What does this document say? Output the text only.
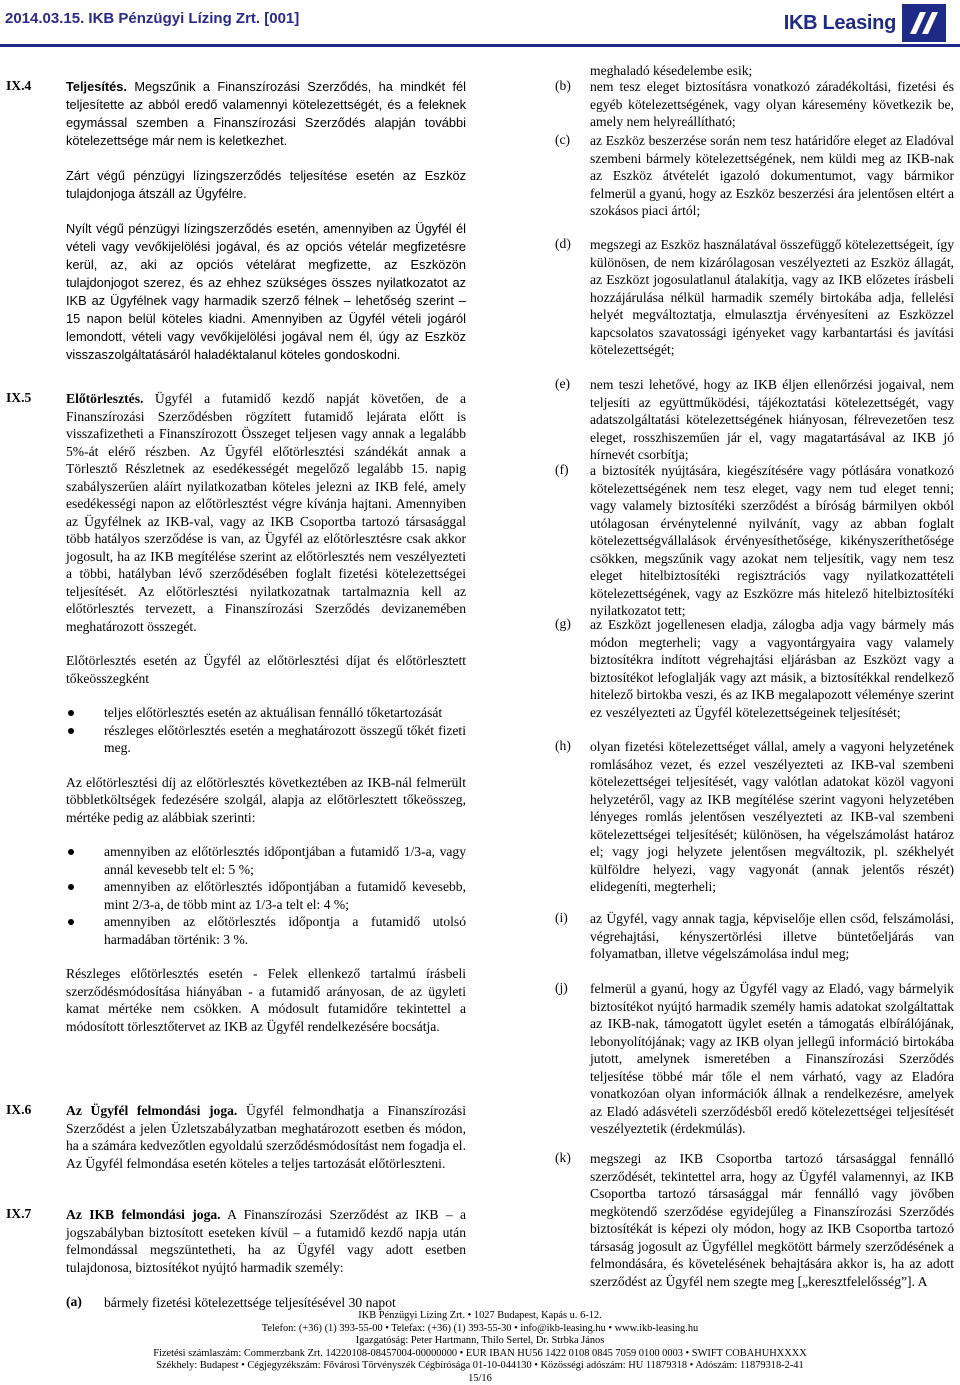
2014.03.15. IKB Pénzügyi Lízing Zrt. [001]	IKB Leasing
IX.4
IX.5
IX.6
IX.7

Teljesítés. Megszűnik a Finanszírozási Szerződés, ha mindkét fél teljesítette az abból eredő valamennyi kötelezettségét, és a feleknek egymással szemben a Finanszírozási Szerződés alapján további kötelezettsége már nem is keletkezhet.

Zárt végű pénzügyi lízingszerződés teljesítése esetén az Eszköz tulajdonjoga átszáll az Ügyfélre.

Nyílt végű pénzügyi lízingszerződés esetén, amennyiben az Ügyfél él vételi vagy vevőkijelölési jogával, és az opciós vételár megfizetésre kerül, az, aki az opciós vételárat megfizette, az Eszközön tulajdonjogot szerez, és az ehhez szükséges összes nyilatkozatot az IKB az Ügyfélnek vagy harmadik szerző félnek – lehetőség szerint – 15 napon belül köteles kiadni. Amennyiben az Ügyfél vételi jogáról lemondott, vételi vagy vevőkijelölési jogával nem él, úgy az Eszköz visszaszolgáltatásáról haladéktalanul köteles gondoskodni.

Előtörlesztés. Ügyfél a futamidő kezdő napját követően, de a Finanszírozási Szerződésben rögzített futamidő lejárata előtt is visszafizetheti a Finanszírozott Összeget teljesen vagy annak a legalább 5%-át elérő részben. Az Ügyfél előtörlesztési szándékát annak a Törlesztő Részletnek az esedékességét megelőző legalább 15. napig szabályszerűen aláírt nyilatkozatban köteles jelezni az IKB felé, amely esedékességi napon az előtörlesztést végre kívánja hajtani. Amennyiben az Ügyfélnek az IKB-val, vagy az IKB Csoportba tartozó társasággal több hatályos szerződése is van, az Ügyfél az előtörlesztésre csak akkor jogosult, ha az IKB megítélése szerint az előtörlesztés nem veszélyezteti a többi, hatályban lévő szerződésében foglalt fizetési kötelezettségei teljesítését. Az előtörlesztési nyilatkozatnak tartalmaznia kell az előtörlesztés tervezett, a Finanszírozási Szerződés devizanemében meghatározott összegét.

Előtörlesztés esetén az Ügyfél az előtörlesztési díjat és előtörlesztett tőkeösszegként

teljes előtörlesztés esetén az aktuálisan fennálló tőketartozását
részleges előtörlesztés esetén a meghatározott összegű tőkét fizeti meg.

Az előtörlesztési díj az előtörlesztés következtében az IKB-nál felmerült többletköltségek fedezésére szolgál, alapja az előtörlesztett tőkeösszeg, mértéke pedig az alábbiak szerinti:

amennyiben az előtörlesztés időpontjában a futamidő 1/3-a, vagy annál kevesebb telt el: 5 %;
amennyiben az előtörlesztés időpontjában a futamidő kevesebb, mint 2/3-a, de több mint az 1/3-a telt el: 4 %;
amennyiben az előtörlesztés időpontja a futamidő utolsó harmadában történik: 3 %.

Részleges előtörlesztés esetén - Felek ellenkező tartalmú írásbeli szerződésmódosítása hiányában - a futamidő arányosan, de az ügyleti kamat mértéke nem csökken. A módosult futamidőre tekintettel a módosított törlesztőtervet az IKB az Ügyfél rendelkezésére bocsátja.

Az Ügyfél felmondási joga. Ügyfél felmondhatja a Finanszírozási Szerződést a jelen Üzletszabályzatban meghatározott esetben és módon, ha a számára kedvezőtlen egyoldalú szerződésmódosítást nem fogadja el. Az Ügyfél felmondása esetén köteles a teljes tartozását előtörleszteni.

Az IKB felmondási joga. A Finanszírozási Szerződést az IKB – a jogszabályban biztosított eseteken kívül – a futamidő kezdő napja után felmondással megszüntetheti, ha az Ügyfél vagy adott esetben tulajdonosa, biztosítékot nyújtó harmadik személy:

(a) bármely fizetési kötelezettsége teljesítésével 30 napot

(b)
(c)
(d)
(e)
(f)
(g)
(h)
(i)
(j)
(k)

meghaladó késedelembe esik;

nem tesz eleget biztosításra vonatkozó záradékoltási, fizetési és egyéb kötelezettségének, vagy olyan káresemény következik be, amely nem helyreállítható;

az Eszköz beszerzése során nem tesz határidőre eleget az Eladóval szembeni bármely kötelezettségének, nem küldi meg az IKB-nak az Eszköz átvételét igazoló dokumentumot, vagy bármikor felmerül a gyanú, hogy az Eszköz beszerzési ára jelentősen eltért a szokásos piaci ártól;

megszegi az Eszköz használatával összefüggő kötelezettségeit, így különösen, de nem kizárólagosan veszélyezteti az Eszköz állagát, az Eszközt jogosulatlanul átalakítja, vagy az IKB előzetes írásbeli hozzájárulása nélkül harmadik személy birtokába adja, fellelési helyét megváltoztatja, elmulasztja érvényesíteni az Eszközzel kapcsolatos szavatossági igényeket vagy karbantartási és javítási kötelezettségét;

nem teszi lehetővé, hogy az IKB éljen ellenőrzési jogaival, nem teljesíti az együttműködési, tájékoztatási kötelezettségét, vagy adatszolgáltatási kötelezettségének hiányosan, félrevezetően tesz eleget, rosszhiszeműen jár el, vagy magatartásával az IKB jó hírnevét csorbítja;

a biztosíték nyújtására, kiegészítésére vagy pótlására vonatkozó kötelezettségének nem tesz eleget, vagy nem tud eleget tenni; vagy valamely biztosítéki szerződést a bíróság bármilyen okból utólagosan érvénytelenné nyilvánít, vagy az abban foglalt kötelezettségvállalások érvényesíthetősége, kikényszeríthetősége csökken, megszűnik vagy azokat nem teljesítik, vagy nem tesz eleget hitelbiztosítéki regisztrációs vagy nyilatkozattételi kötelezettségének, vagy az Eszközre más hitelező hitelbiztosítéki nyilatkozatot tett;

az Eszközt jogellenesen eladja, zálogba adja vagy bármely más módon megterheli; vagy a vagyontárgyaira vagy valamely biztosítékra indított végrehajtási eljárásban az Eszközt vagy a biztosítékot lefoglalják vagy azt másik, a biztosítékkal rendelkező hitelező birtokba veszi, és az IKB megalapozott véleménye szerint ez veszélyezteti az Ügyfél kötelezettségeinek teljesítését;

olyan fizetési kötelezettséget vállal, amely a vagyoni helyzetének romlásához vezet, és ezzel veszélyezteti az IKB-val szembeni kötelezettségei teljesítését, vagy valótlan adatokat közöl vagyoni helyzetéről, vagy az IKB megítélése szerint vagyoni helyzetében lényeges romlás jelentősen veszélyezteti az IKB-val szembeni kötelezettségei teljesítését; különösen, ha végelszámolást határoz el; vagy jogi helyzete jelentősen megváltozik, pl. székhelyét külföldre helyezi, vagy vagyonát (annak jelentős részét) elidegeníti, megterheli;

az Ügyfél, vagy annak tagja, képviselője ellen csőd, felszámolási, végrehajtási, kényszertörlési illetve büntetőeljárás van folyamatban, illetve végelszámolása indul meg;

felmerül a gyanú, hogy az Ügyfél vagy az Eladó, vagy bármelyik biztosítékot nyújtó harmadik személy hamis adatokat szolgáltattak az IKB-nak, támogatott ügylet esetén a támogatás elbírálójának, lebonyolítójának; vagy az IKB olyan jellegű információ birtokába jutott, amelynek ismeretében a Finanszírozási Szerződés teljesítése többé már tőle el nem várható, vagy az Eladóra vonatkozóan olyan információk állnak a rendelkezésre, amelyek az Eladó adásvételi szerződésből eredő kötelezettségei teljesítését veszélyeztetik (érdekmúlás).

megszegi az IKB Csoportba tartozó társasággal fennálló szerződését, tekintettel arra, hogy az Ügyfél valamennyi, az IKB Csoportba tartozó társasággal már fennálló vagy jövőben megkötendő szerződése egyidejűleg a Finanszírozási Szerződés biztosítékát is képezi oly módon, hogy az IKB Csoportba tartozó társaság jogosult az Ügyféllel megkötött bármely szerződésének a felmondására, és követelésének behajtására akkor is, ha az adott szerződést az Ügyfél nem szegte meg [„keresztfelelősség”]. A

IKB Pénzügyi Lízing Zrt. • 1027 Budapest, Kapás u. 6-12.
Telefon: (+36) (1) 393-55-00 • Telefax: (+36) (1) 393-55-30 • info@ikb-leasing.hu • www.ikb-leasing.hu
Igazgatóság: Peter Hartmann, Thilo Sertel, Dr. Strbka János
Fizetési számlaszám: Commerzbank Zrt. 14220108-08457004-00000000 • EUR IBAN HU56 1422 0108 0845 7059 0100 0003 • SWIFT COBAHUHXXXX
Székhely: Budapest • Cégjegyzékszám: Fővárosi Törvényszék Cégbírósága 01-10-044130 • Közösségi adószám: HU 11879318 • Adószám: 11879318-2-41
15/16
